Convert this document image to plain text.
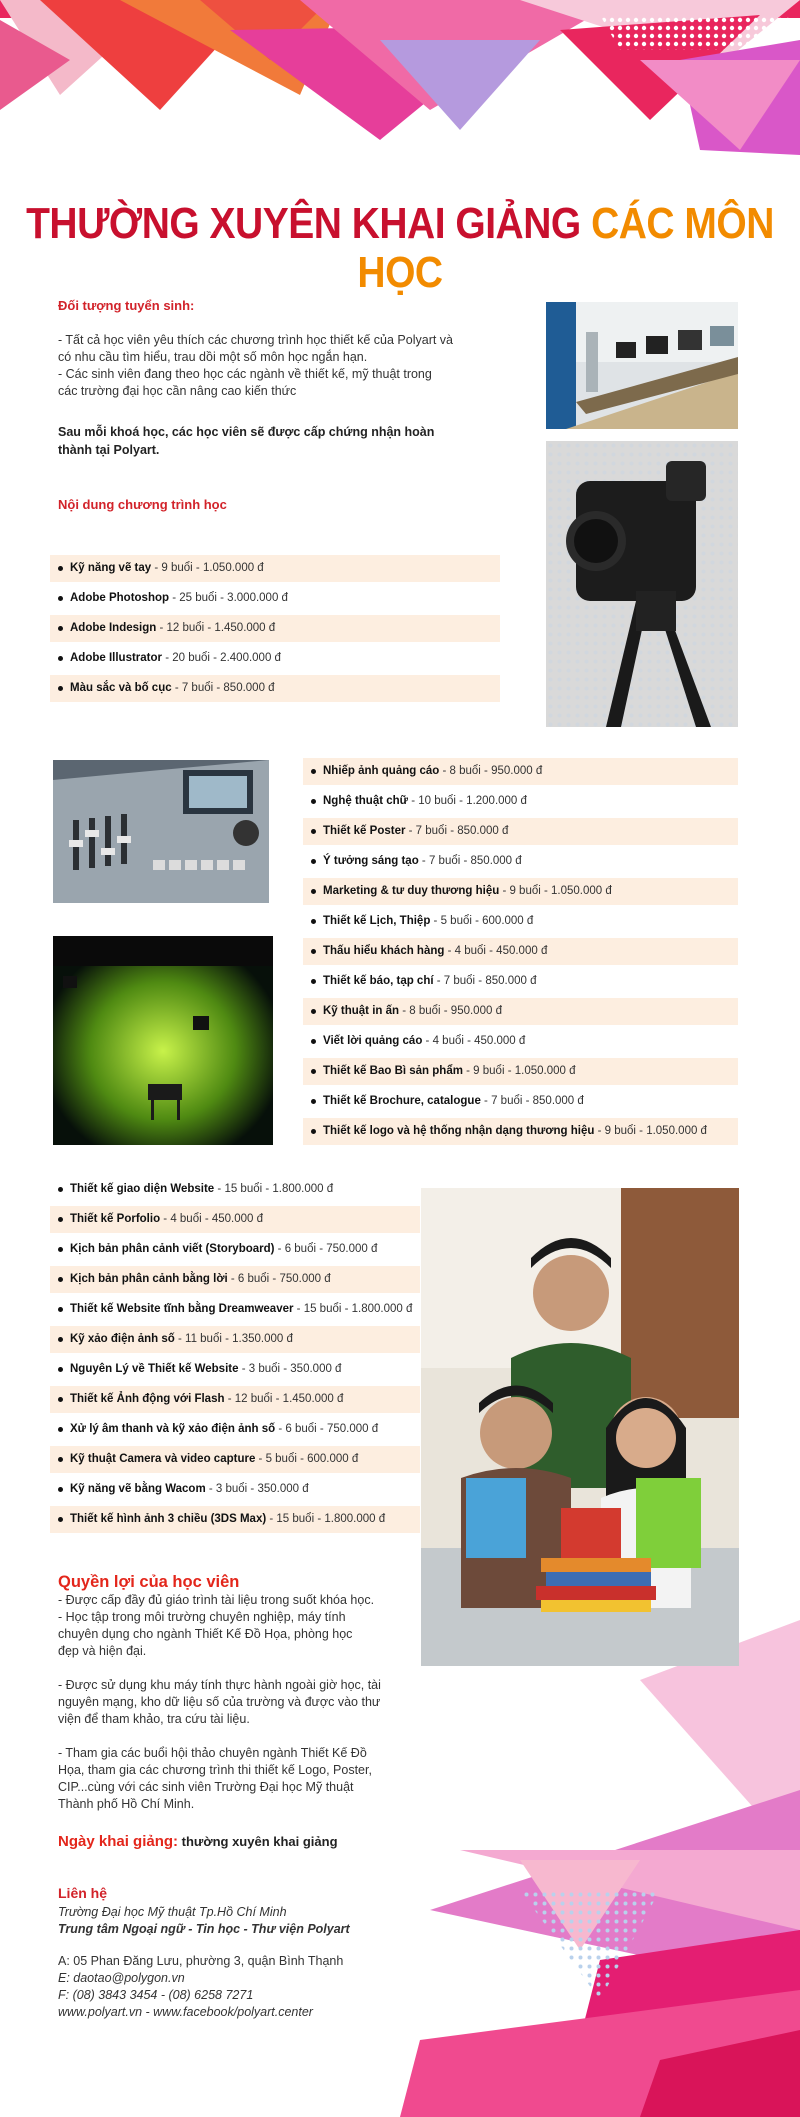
THƯỜNG XUYÊN KHAI GIẢNG CÁC MÔN HỌC
Đối tượng tuyển sinh:
- Tất cả học viên yêu thích các chương trình học thiết kế của Polyart và
có nhu cầu tìm hiểu, trau dồi một số môn học ngắn hạn.
- Các sinh viên đang theo học các ngành về thiết kế, mỹ thuật trong
các trường đại học cần nâng cao kiến thức
Sau mỗi khoá học, các học viên sẽ được cấp chứng nhận hoàn
thành tại Polyart.
Nội dung chương trình học
Kỹ năng vẽ tay - 9 buổi - 1.050.000 đ
Adobe Photoshop - 25 buổi - 3.000.000 đ
Adobe Indesign - 12 buổi - 1.450.000 đ
Adobe Illustrator - 20 buổi - 2.400.000 đ
Màu sắc và bố cục - 7 buổi - 850.000 đ
Nhiếp ảnh quảng cáo - 8 buổi - 950.000 đ
Nghệ thuật chữ - 10 buổi - 1.200.000 đ
Thiết kế Poster - 7 buổi - 850.000 đ
Ý tưởng sáng tạo - 7 buổi - 850.000 đ
Marketing & tư duy thương hiệu - 9 buổi - 1.050.000 đ
Thiết kế Lịch, Thiệp - 5 buổi - 600.000 đ
Thấu hiểu khách hàng - 4 buổi - 450.000 đ
Thiết kế báo, tạp chí - 7 buổi - 850.000 đ
Kỹ thuật in ấn - 8 buổi - 950.000 đ
Viết lời quảng cáo - 4 buổi - 450.000 đ
Thiết kế Bao Bì sản phẩm - 9 buổi - 1.050.000 đ
Thiết kế Brochure, catalogue - 7 buổi - 850.000 đ
Thiết kế logo và hệ thống nhận dạng thương hiệu - 9 buổi - 1.050.000 đ
Thiết kế giao diện Website - 15 buổi - 1.800.000 đ
Thiết kế Porfolio - 4 buổi - 450.000 đ
Kịch bản phân cảnh viết (Storyboard) - 6 buổi - 750.000 đ
Kịch bản phân cảnh bằng lời - 6 buổi - 750.000 đ
Thiết kế Website tĩnh bằng Dreamweaver - 15 buổi - 1.800.000 đ
Kỹ xảo điện ảnh số - 11 buổi - 1.350.000 đ
Nguyên Lý về Thiết kế Website - 3 buổi - 350.000 đ
Thiết kế Ảnh động với Flash - 12 buổi - 1.450.000 đ
Xử lý âm thanh và kỹ xảo điện ảnh số - 6 buổi - 750.000 đ
Kỹ thuật Camera và video capture - 5 buổi - 600.000 đ
Kỹ năng vẽ bằng Wacom - 3 buổi - 350.000 đ
Thiết kế hình ảnh 3 chiều (3DS Max) - 15 buổi - 1.800.000 đ
Quyền lợi của học viên
- Được cấp đầy đủ giáo trình tài liệu trong suốt khóa học.
- Học tập trong môi trường chuyên nghiệp, máy tính
chuyên dụng cho ngành Thiết Kế Đồ Họa, phòng học
đẹp và hiện đại.
- Được sử dụng khu máy tính thực hành ngoài giờ học, tài
nguyên mạng, kho dữ liệu số của trường và được vào thư
viện để tham khảo, tra cứu tài liệu.
- Tham gia các buổi hội thảo chuyên ngành Thiết Kế Đồ
Họa, tham gia các chương trình thi thiết kế Logo, Poster,
CIP...cùng với các sinh viên Trường Đại học Mỹ thuật
Thành phố Hồ Chí Minh.
Ngày khai giảng: thường xuyên khai giảng
Liên hệ
Trường Đại học Mỹ thuật Tp.Hồ Chí Minh
Trung tâm Ngoại ngữ - Tin học - Thư viện Polyart
A: 05 Phan Đăng Lưu, phường 3, quận Bình Thạnh
E: daotao@polygon.vn
F: (08) 3843 3454 - (08) 6258 7271
www.polyart.vn - www.facebook/polyart.center
